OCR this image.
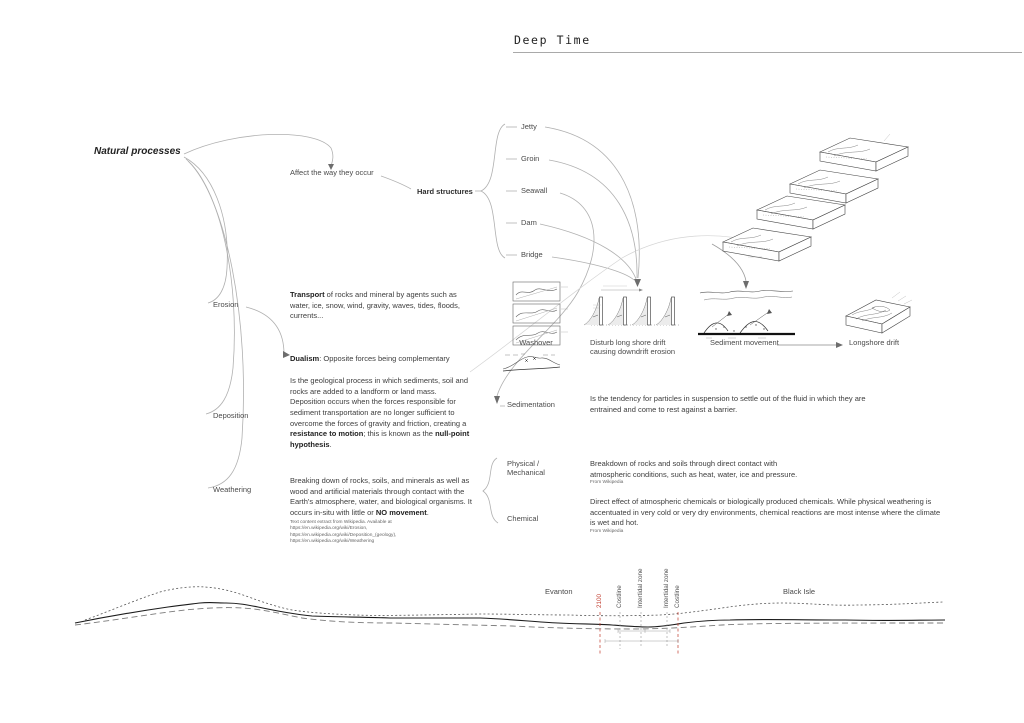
Deep Time
Natural processes
Affect the way they occur
Hard structures
Jetty
Groin
Seawall
Dam
Bridge
Erosion
Deposition
Weathering
Transport of rocks and mineral by agents such as water, ice, snow, wind, gravity, waves, tides, floods, currents...
Dualism: Opposite forces being complementary
Is the geological process in which sediments, soil and rocks are added to a landform or land mass. Deposition occurs when the forces responsible for sediment transportation are no longer sufficient to overcome the forces of gravity and friction, creating a resistance to motion; this is known as the null-point hypothesis.
Breaking down of rocks, soils, and minerals as well as wood and artificial materials through contact with the Earth's atmosphere, water, and biological organisms. It occurs in-situ with little or NO movement.
Text content extract from Wikipedia. Available at https://en.wikipedia.org/wiki/Erosion, https://en.wikipedia.org/wiki/Deposition_(geology), https://en.wikipedia.org/wiki/Weathering
Washover	Disturb long shore drift causing downdrift erosion
Sediment movement	Longshore drift
Sedimentation
Is the tendency for particles in suspension to settle out of the fluid in which they are entrained and come to rest against a barrier.
Physical / Mechanical
Chemical
Breakdown of rocks and soils through direct contact with atmospheric conditions, such as heat, water, ice and pressure.
From Wikipedia
Direct effect of atmospheric chemicals or biologically produced chemicals. While physical weathering is accentuated in very cold or very dry environments, chemical reactions are most intense where the climate is wet and hot.
From Wikipedia
Evanton	Black Isle
2100 Costline Intertidal zone	Intertidal zone Costline
